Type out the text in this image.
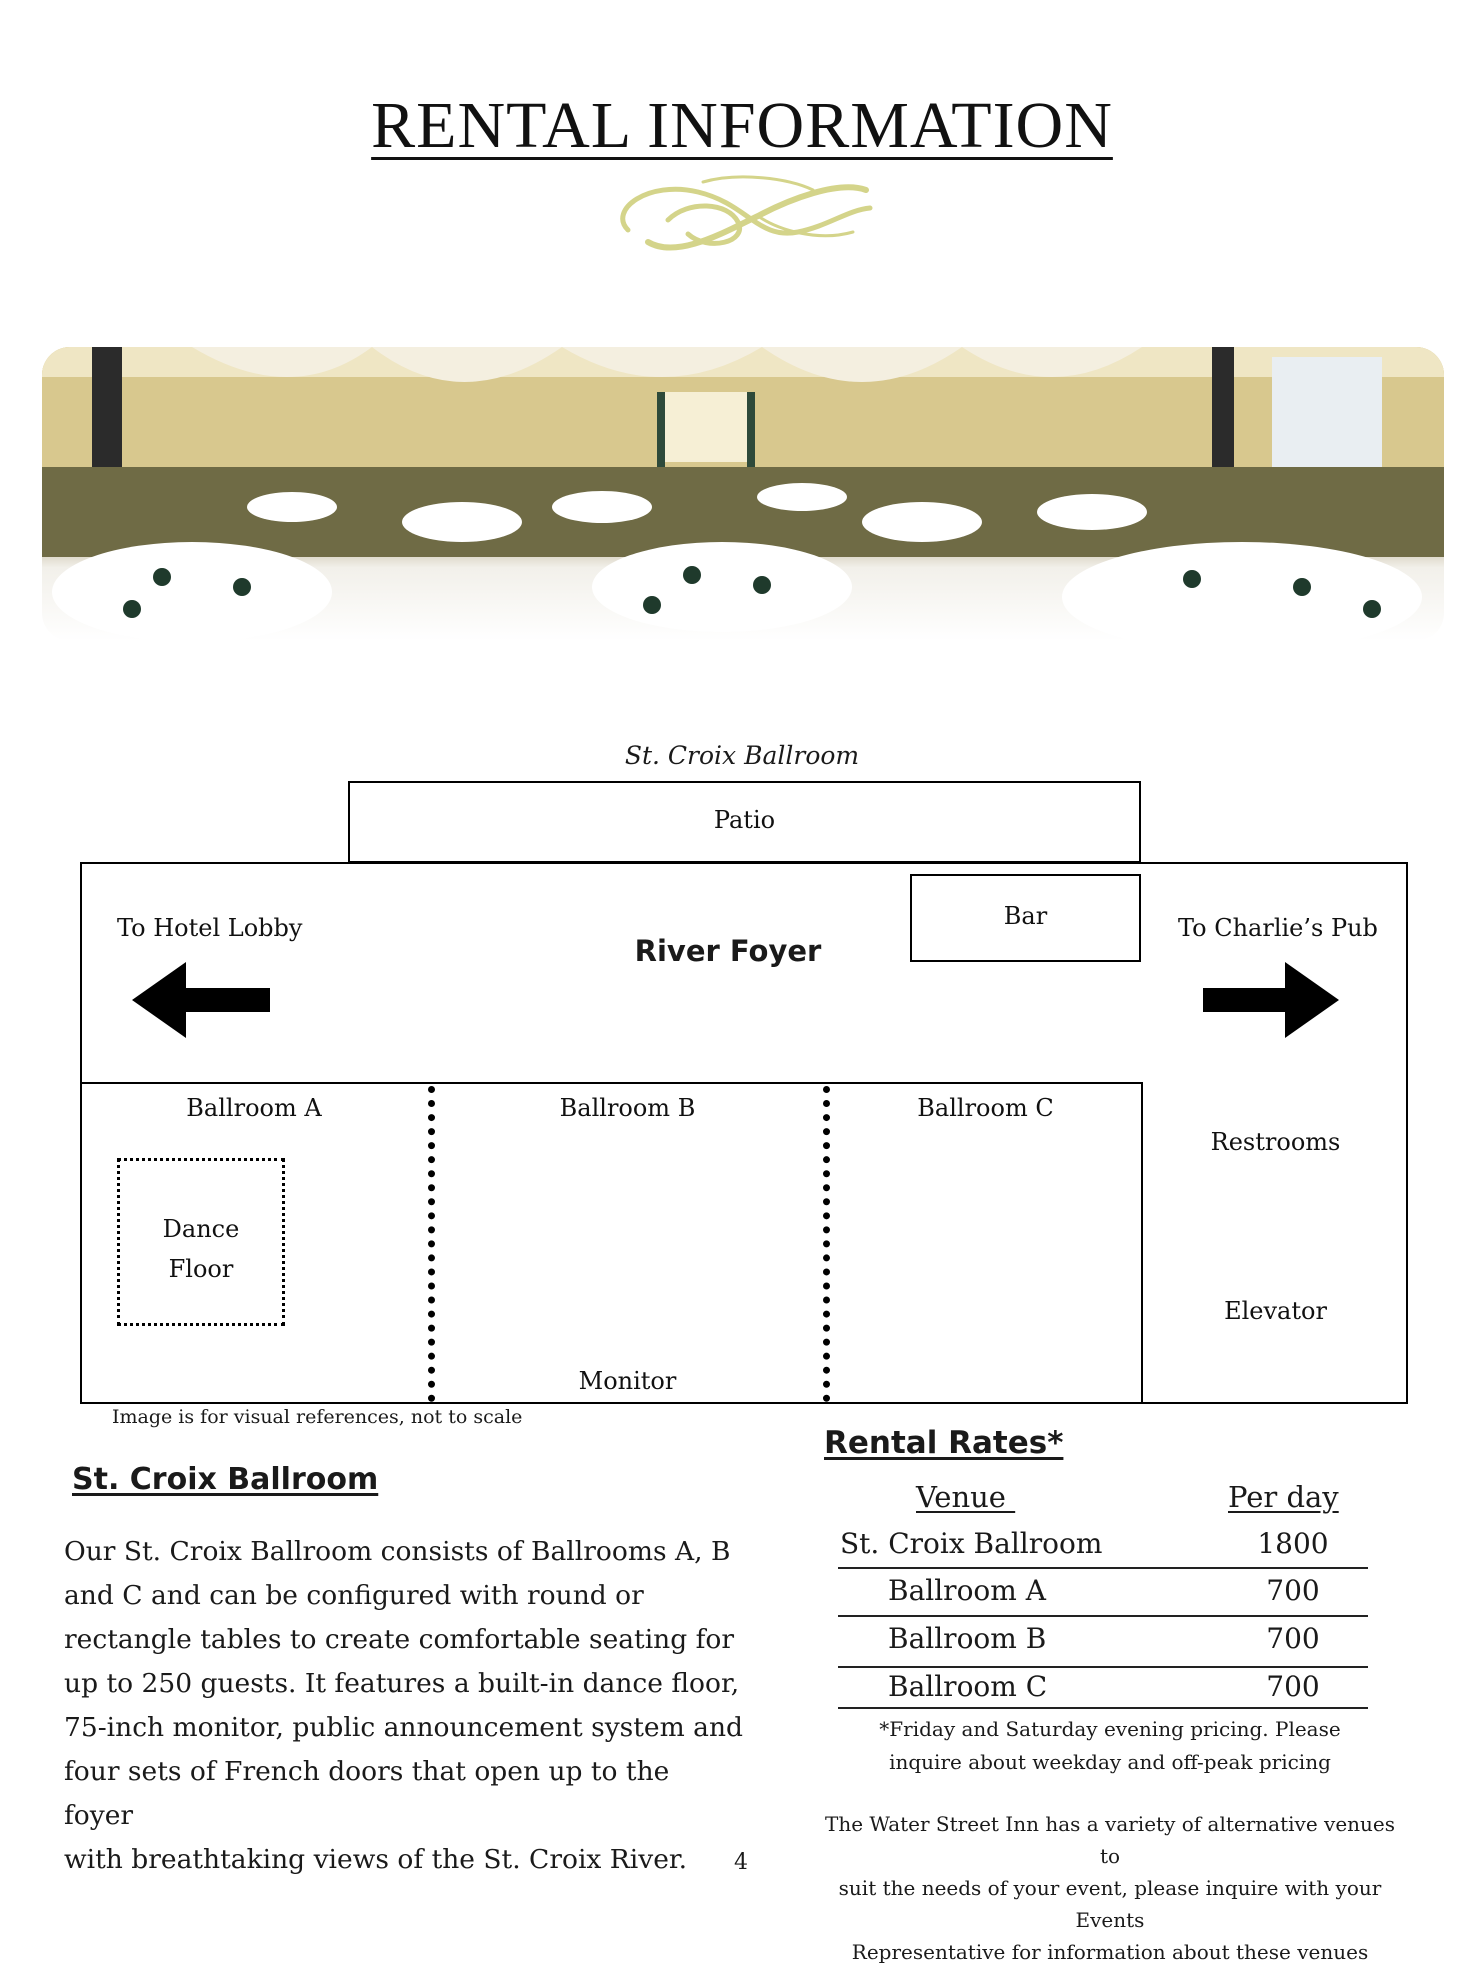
RENTAL INFORMATION
St. Croix Ballroom
Patio
Bar
To Hotel Lobby	To Charlie’s Pub
River Foyer
Ballroom A	Ballroom B	Ballroom C
Dance
Floor
Monitor
Restrooms
Elevator
Image is for visual references, not to scale
St. Croix Ballroom
Our St. Croix Ballroom consists of Ballrooms A, B
and C and can be configured with round or
rectangle tables to create comfortable seating for
up to 250 guests. It features a built-in dance floor,
75-inch monitor, public announcement system and
four sets of French doors that open up to the foyer
with breathtaking views of the St. Croix River.
Rental Rates*
Venue	Per day
St. Croix Ballroom	1800
Ballroom A	700
Ballroom B	700
Ballroom C	700
*Friday and Saturday evening pricing. Please
inquire about weekday and off-peak pricing
The Water Street Inn has a variety of alternative venues to
suit the needs of your event, please inquire with your Events
Representative for information about these venues
4
